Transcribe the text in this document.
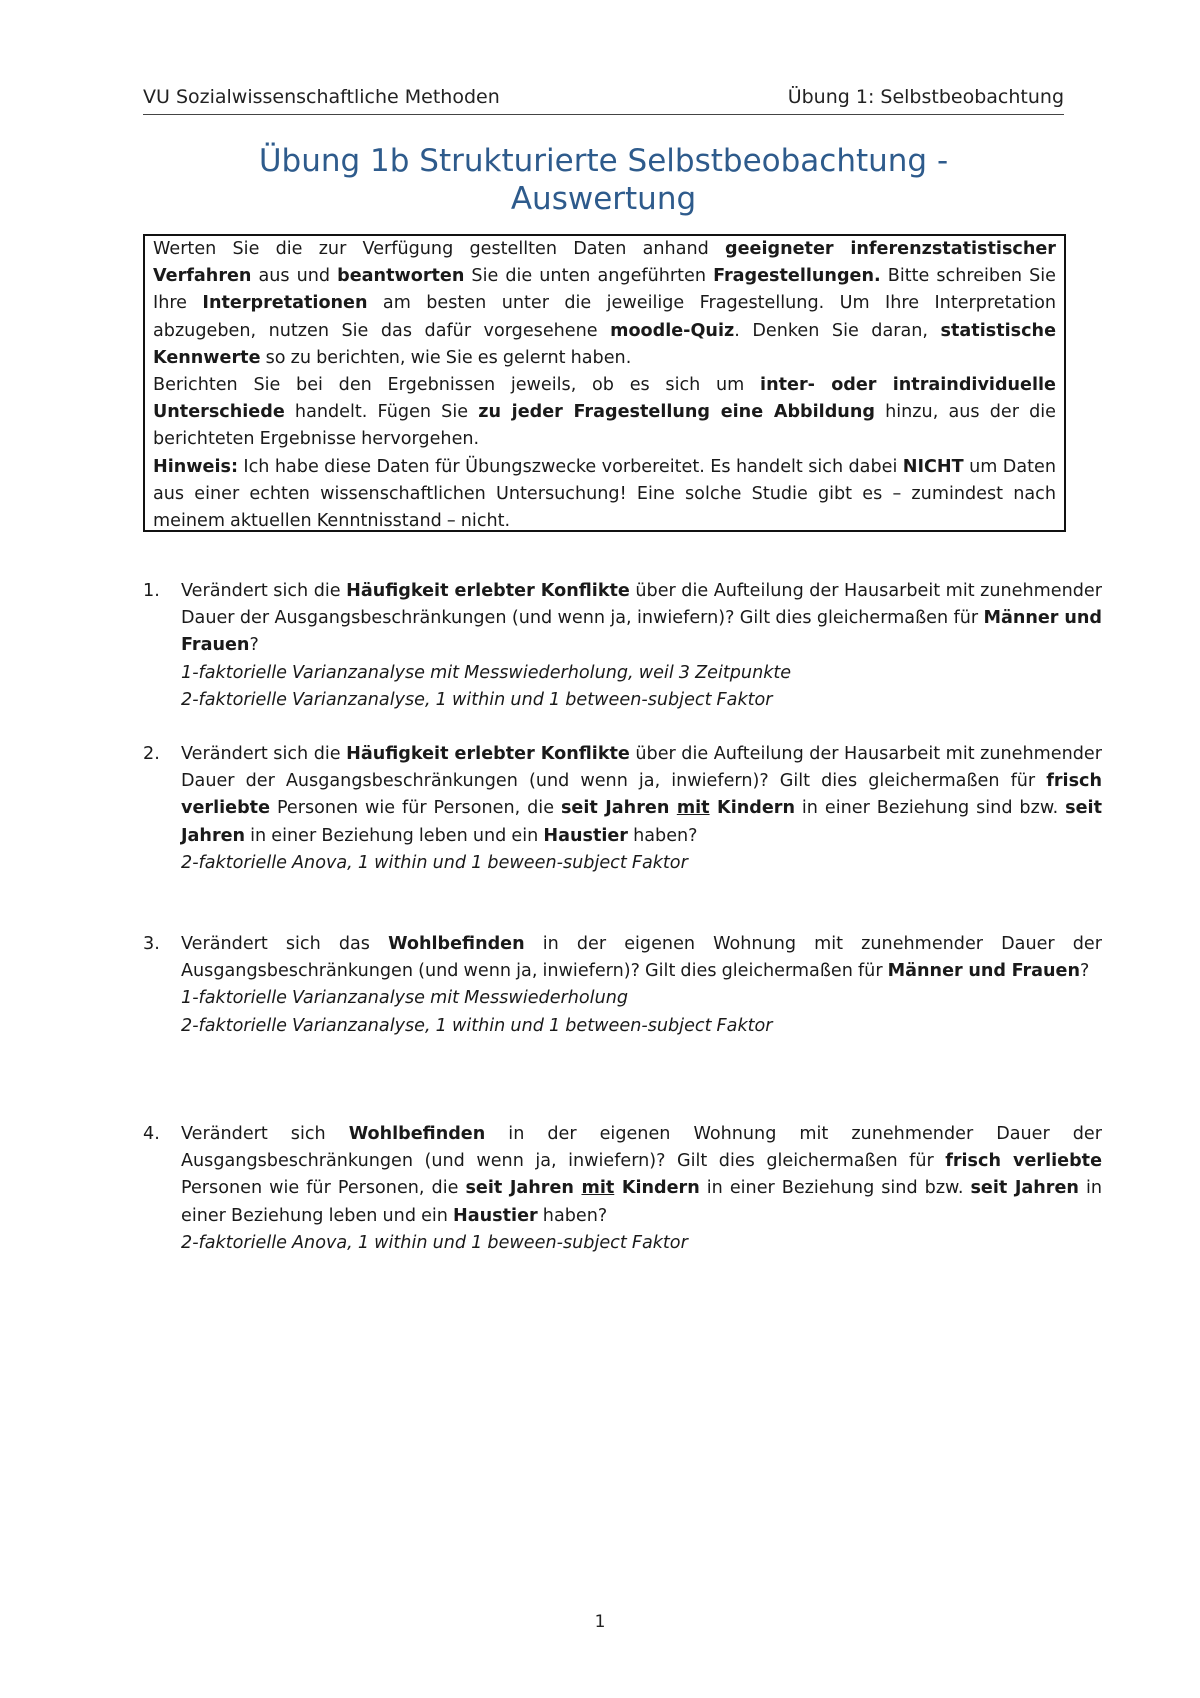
VU Sozialwissenschaftliche Methoden	Übung 1: Selbstbeobachtung
Übung 1b Strukturierte Selbstbeobachtung -
Auswertung

Werten Sie die zur Verfügung gestellten Daten anhand geeigneter inferenzstatistischer Verfahren aus und beantworten Sie die unten angeführten Fragestellungen. Bitte schreiben Sie Ihre Interpretationen am besten unter die jeweilige Fragestellung. Um Ihre Interpretation abzugeben, nutzen Sie das dafür vorgesehene moodle-Quiz. Denken Sie daran, statistische Kennwerte so zu berichten, wie Sie es gelernt haben.

Berichten Sie bei den Ergebnissen jeweils, ob es sich um inter- oder intraindividuelle Unterschiede handelt. Fügen Sie zu jeder Fragestellung eine Abbildung hinzu, aus der die berichteten Ergebnisse hervorgehen.

Hinweis: Ich habe diese Daten für Übungszwecke vorbereitet. Es handelt sich dabei NICHT um Daten aus einer echten wissenschaftlichen Untersuchung! Eine solche Studie gibt es – zumindest nach meinem aktuellen Kenntnisstand – nicht.

1. Verändert sich die Häufigkeit erlebter Konflikte über die Aufteilung der Hausarbeit mit zunehmender Dauer der Ausgangsbeschränkungen (und wenn ja, inwiefern)? Gilt dies gleichermaßen für Männer und Frauen?

1-faktorielle Varianzanalyse mit Messwiederholung, weil 3 Zeitpunkte

2-faktorielle Varianzanalyse, 1 within und 1 between-subject Faktor

2. Verändert sich die Häufigkeit erlebter Konflikte über die Aufteilung der Hausarbeit mit zunehmender Dauer der Ausgangsbeschränkungen (und wenn ja, inwiefern)? Gilt dies gleichermaßen für frisch verliebte Personen wie für Personen, die seit Jahren mit Kindern in einer Beziehung sind bzw. seit Jahren in einer Beziehung leben und ein Haustier haben?

2-faktorielle Anova, 1 within und 1 beween-subject Faktor

3. Verändert sich das Wohlbefinden in der eigenen Wohnung mit zunehmender Dauer der Ausgangsbeschränkungen (und wenn ja, inwiefern)? Gilt dies gleichermaßen für Männer und Frauen?

1-faktorielle Varianzanalyse mit Messwiederholung

2-faktorielle Varianzanalyse, 1 within und 1 between-subject Faktor

4. Verändert sich Wohlbefinden in der eigenen Wohnung mit zunehmender Dauer der Ausgangsbeschränkungen (und wenn ja, inwiefern)? Gilt dies gleichermaßen für frisch verliebte Personen wie für Personen, die seit Jahren mit Kindern in einer Beziehung sind bzw. seit Jahren in einer Beziehung leben und ein Haustier haben?

2-faktorielle Anova, 1 within und 1 beween-subject Faktor

1
